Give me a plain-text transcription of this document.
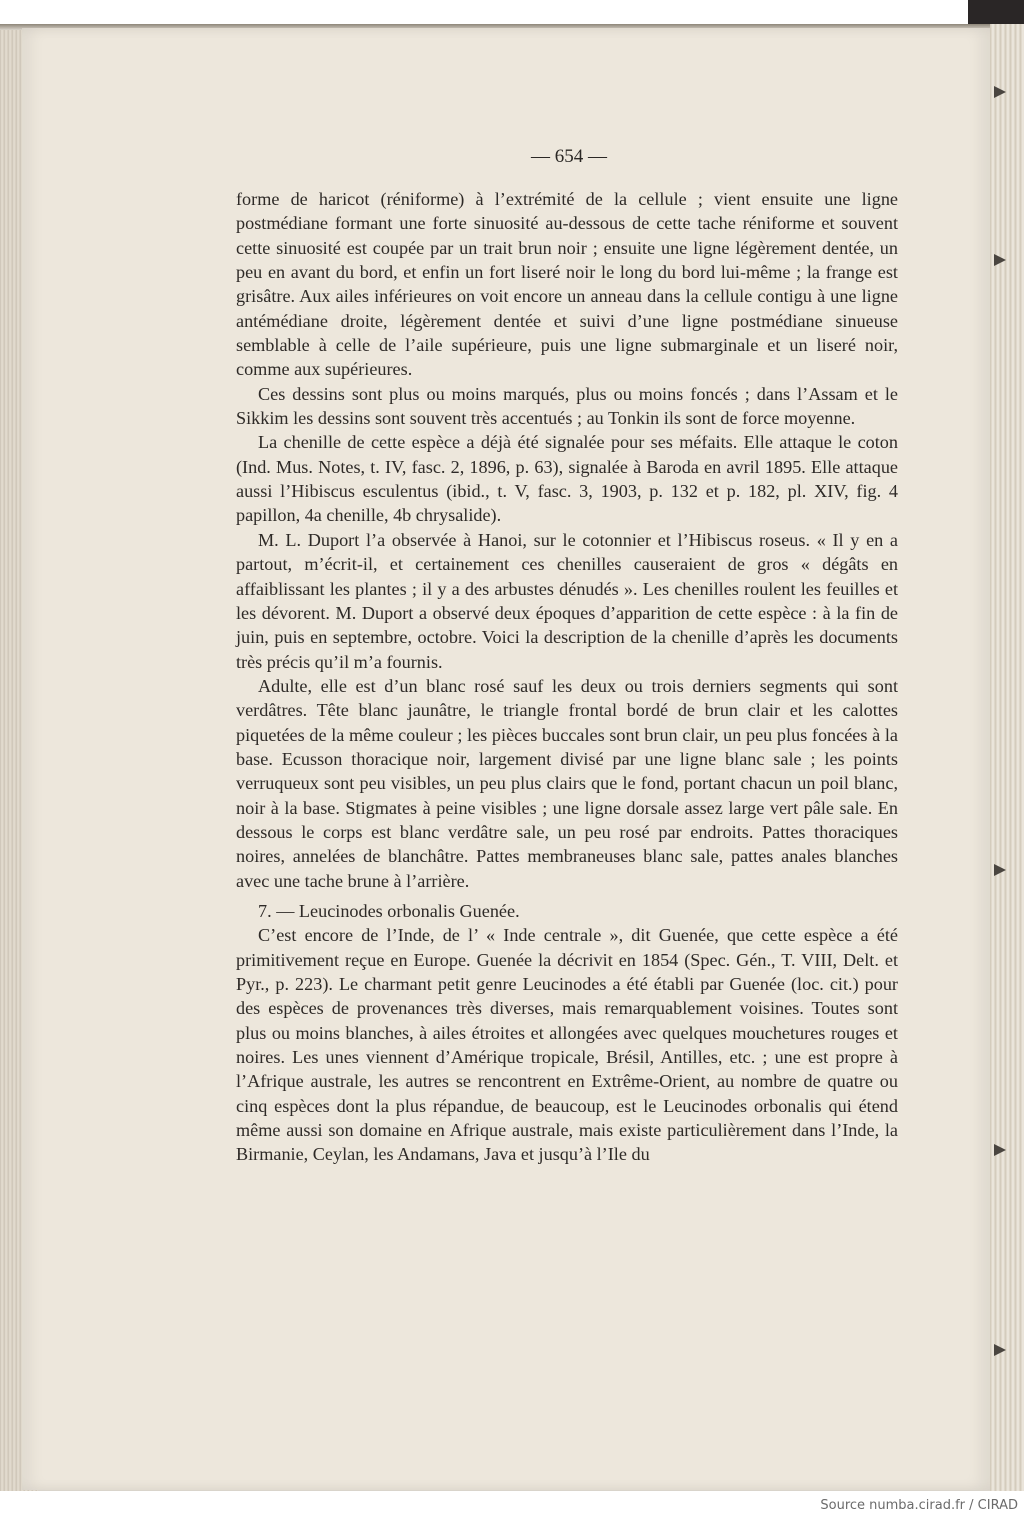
— 654 —

forme de haricot (réniforme) à l’extrémité de la cellule ; vient ensuite une ligne postmédiane formant une forte sinuosité au-dessous de cette tache réniforme et souvent cette sinuosité est coupée par un trait brun noir ; ensuite une ligne légèrement dentée, un peu en avant du bord, et enfin un fort liseré noir le long du bord lui-même ; la frange est grisâtre. Aux ailes inférieures on voit encore un anneau dans la cellule contigu à une ligne antémédiane droite, légèrement dentée et suivi d’une ligne postmédiane sinueuse semblable à celle de l’aile supérieure, puis une ligne submarginale et un liseré noir, comme aux supérieures.

Ces dessins sont plus ou moins marqués, plus ou moins foncés ; dans l’Assam et le Sikkim les dessins sont souvent très accentués ; au Tonkin ils sont de force moyenne.

La chenille de cette espèce a déjà été signalée pour ses méfaits. Elle attaque le coton (Ind. Mus. Notes, t. IV, fasc. 2, 1896, p. 63), signalée à Baroda en avril 1895. Elle attaque aussi l’Hibiscus esculentus (ibid., t. V, fasc. 3, 1903, p. 132 et p. 182, pl. XIV, fig. 4 papillon, 4a chenille, 4b chrysalide).

M. L. Duport l’a observée à Hanoi, sur le cotonnier et l’Hibiscus roseus. « Il y en a partout, m’écrit-il, et certainement ces chenilles causeraient de gros « dégâts en affaiblissant les plantes ; il y a des arbustes dénudés ». Les chenilles roulent les feuilles et les dévorent. M. Duport a observé deux époques d’apparition de cette espèce : à la fin de juin, puis en septembre, octobre. Voici la description de la chenille d’après les documents très précis qu’il m’a fournis.

Adulte, elle est d’un blanc rosé sauf les deux ou trois derniers segments qui sont verdâtres. Tête blanc jaunâtre, le triangle frontal bordé de brun clair et les calottes piquetées de la même couleur ; les pièces buccales sont brun clair, un peu plus foncées à la base. Ecusson thoracique noir, largement divisé par une ligne blanc sale ; les points verruqueux sont peu visibles, un peu plus clairs que le fond, portant chacun un poil blanc, noir à la base. Stigmates à peine visibles ; une ligne dorsale assez large vert pâle sale. En dessous le corps est blanc verdâtre sale, un peu rosé par endroits. Pattes thoraciques noires, annelées de blanchâtre. Pattes membraneuses blanc sale, pattes anales blanches avec une tache brune à l’arrière.

7. — Leucinodes orbonalis Guenée.

C’est encore de l’Inde, de l’ « Inde centrale », dit Guenée, que cette espèce a été primitivement reçue en Europe. Guenée la décrivit en 1854 (Spec. Gén., T. VIII, Delt. et Pyr., p. 223). Le charmant petit genre Leucinodes a été établi par Guenée (loc. cit.) pour des espèces de provenances très diverses, mais remarquablement voisines. Toutes sont plus ou moins blanches, à ailes étroites et allongées avec quelques mouchetures rouges et noires. Les unes viennent d’Amérique tropicale, Brésil, Antilles, etc. ; une est propre à l’Afrique australe, les autres se rencontrent en Extrême-Orient, au nombre de quatre ou cinq espèces dont la plus répandue, de beaucoup, est le Leucinodes orbonalis qui étend même aussi son domaine en Afrique australe, mais existe particulièrement dans l’Inde, la Birmanie, Ceylan, les Andamans, Java et jusqu’à l’Ile du

Source numba.cirad.fr / CIRAD
